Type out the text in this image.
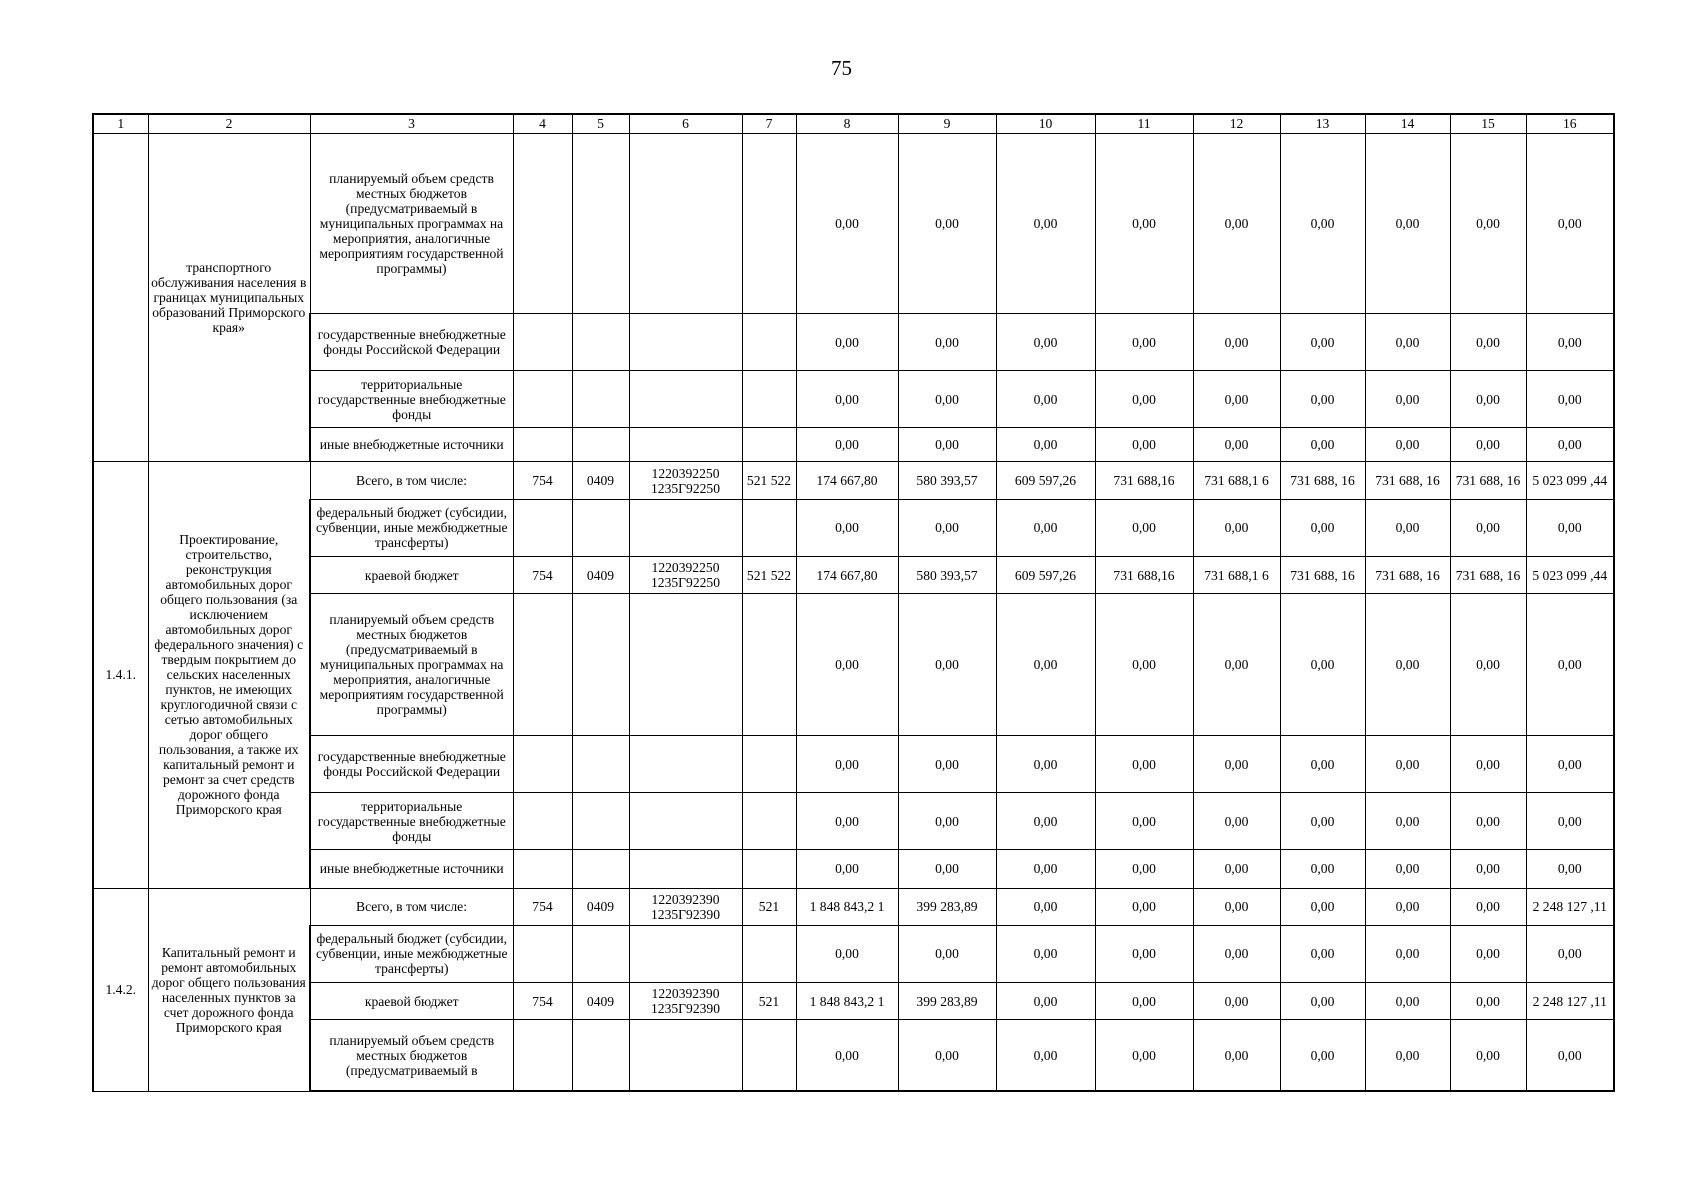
75
1	2	3	4	5	6	7	8	9	10	11	12	13	14	15	16
	транспортного обслуживания населения в границах муниципальных образований Приморского края»	планируемый объем средств местных бюджетов (предусматриваемый в муниципальных программах на мероприятия, аналогичные мероприятиям государственной программы)					0,00	0,00	0,00	0,00	0,00	0,00	0,00	0,00	0,00
		государственные внебюджетные фонды Российской Федерации					0,00	0,00	0,00	0,00	0,00	0,00	0,00	0,00	0,00
		территориальные государственные внебюджетные фонды					0,00	0,00	0,00	0,00	0,00	0,00	0,00	0,00	0,00
		иные внебюджетные источники					0,00	0,00	0,00	0,00	0,00	0,00	0,00	0,00	0,00
1.4.1.	Проектирование, строительство, реконструкция автомобильных дорог общего пользования (за исключением автомобильных дорог федерального значения) с твердым покрытием до сельских населенных пунктов, не имеющих круглогодичной связи с сетью автомобильных дорог общего пользования, а также их капитальный ремонт и ремонт за счет средств дорожного фонда Приморского края	Всего, в том числе:	754	0409	1220392250 1235Г92250	521 522	174 667,80	580 393,57	609 597,26	731 688,16	731 688,1 6	731 688, 16	731 688, 16	731 688, 16	5 023 099 ,44
		федеральный бюджет (субсидии, субвенции, иные межбюджетные трансферты)					0,00	0,00	0,00	0,00	0,00	0,00	0,00	0,00	0,00
		краевой бюджет	754	0409	1220392250 1235Г92250	521 522	174 667,80	580 393,57	609 597,26	731 688,16	731 688,1 6	731 688, 16	731 688, 16	731 688, 16	5 023 099 ,44
		планируемый объем средств местных бюджетов (предусматриваемый в муниципальных программах на мероприятия, аналогичные мероприятиям государственной программы)					0,00	0,00	0,00	0,00	0,00	0,00	0,00	0,00	0,00
		государственные внебюджетные фонды Российской Федерации					0,00	0,00	0,00	0,00	0,00	0,00	0,00	0,00	0,00
		территориальные государственные внебюджетные фонды					0,00	0,00	0,00	0,00	0,00	0,00	0,00	0,00	0,00
		иные внебюджетные источники					0,00	0,00	0,00	0,00	0,00	0,00	0,00	0,00	0,00
1.4.2.	Капитальный ремонт и ремонт автомобильных дорог общего пользования населенных пунктов за счет дорожного фонда Приморского края	Всего, в том числе:	754	0409	1220392390 1235Г92390	521	1 848 843,2 1	399 283,89	0,00	0,00	0,00	0,00	0,00	0,00	2 248 127 ,11
		федеральный бюджет (субсидии, субвенции, иные межбюджетные трансферты)					0,00	0,00	0,00	0,00	0,00	0,00	0,00	0,00	0,00
		краевой бюджет	754	0409	1220392390 1235Г92390	521	1 848 843,2 1	399 283,89	0,00	0,00	0,00	0,00	0,00	0,00	2 248 127 ,11
		планируемый объем средств местных бюджетов (предусматриваемый в					0,00	0,00	0,00	0,00	0,00	0,00	0,00	0,00	0,00
